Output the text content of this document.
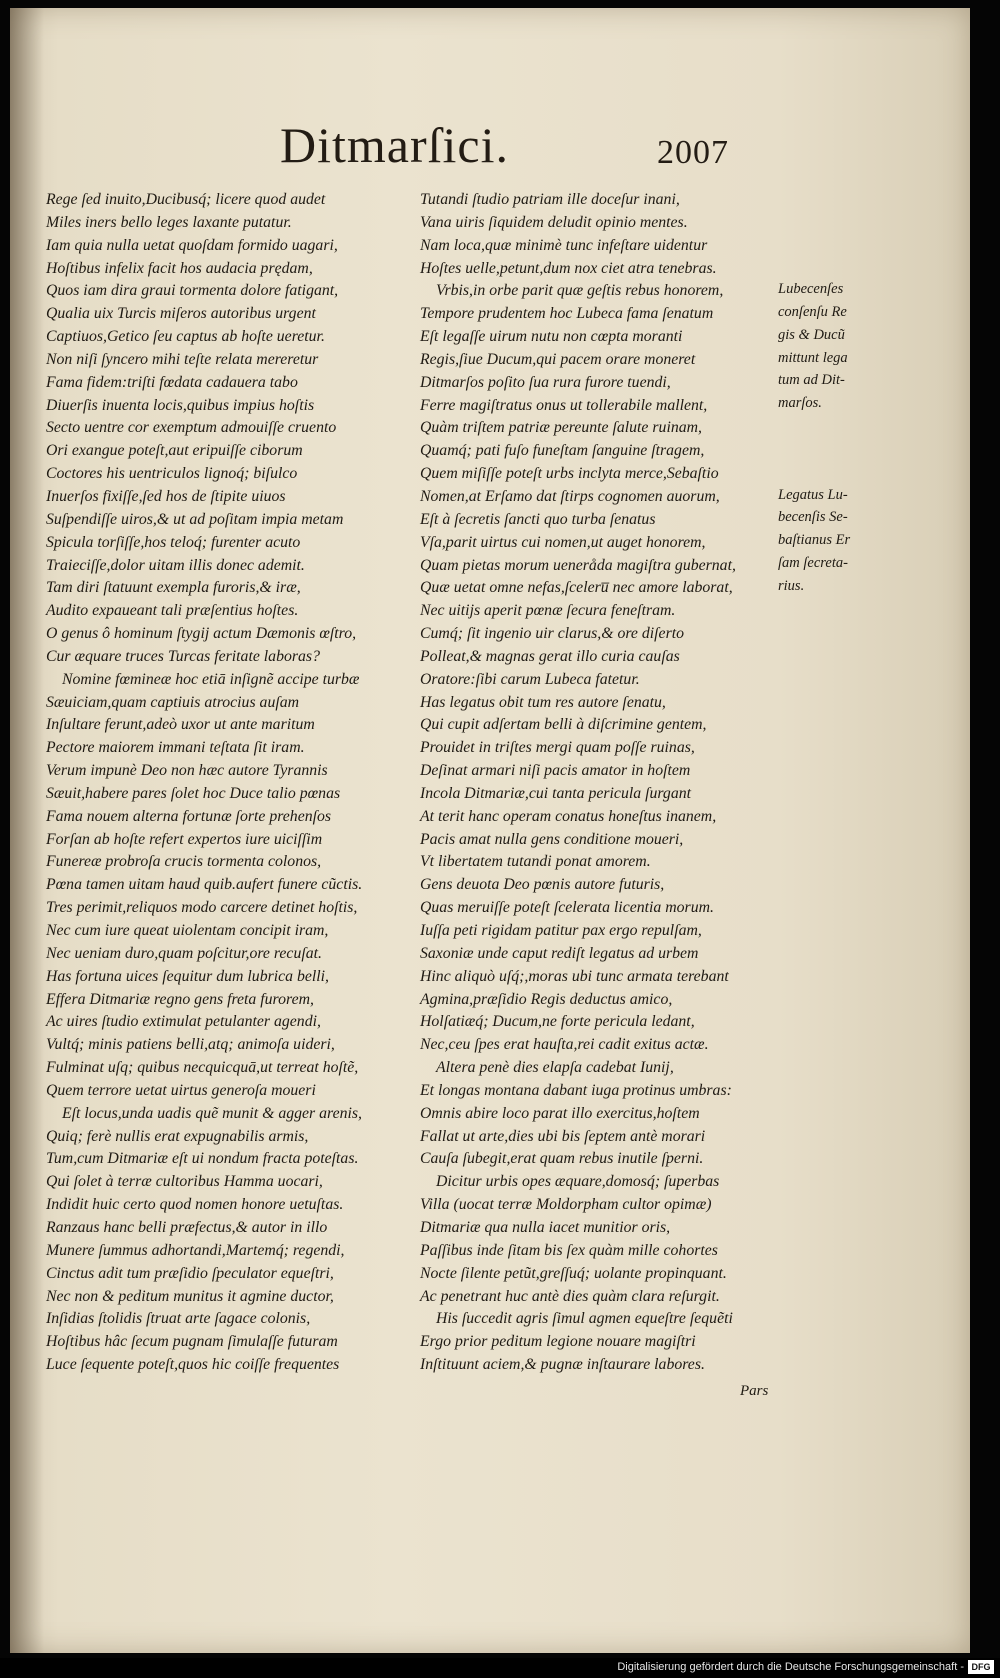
Ditmarſici.	2007
Rege ſed inuito,Ducibusq́; licere quod audet
Miles iners bello leges laxante putatur.
Iam quia nulla uetat quoſdam formido uagari,
Hoſtibus infelix facit hos audacia prędam,
Quos iam dira graui tormenta dolore fatigant,
Qualia uix Turcis miſeros autoribus urgent
Captiuos,Getico ſeu captus ab hoſte ueretur.
Non niſi ſyncero mihi teſte relata mereretur
Fama fidem:triſti fœdata cadauera tabo
Diuerſis inuenta locis,quibus impius hoſtis
Secto uentre cor exemptum admouiſſe cruento
Ori exangue poteſt,aut eripuiſſe ciborum
Coctores his uentriculos lignoq́; biſulco
Inuerſos fixiſſe,ſed hos de ſtipite uiuos
Suſpendiſſe uiros,& ut ad poſitam impia metam
Spicula torſiſſe,hos teloq́; furenter acuto
Traieciſſe,dolor uitam illis donec ademit.
Tam diri ſtatuunt exempla furoris,& iræ,
Audito expaueant tali præſentius hoſtes.
O genus ô hominum ſtygij actum Dæmonis œſtro,
Cur æquare truces Turcas feritate laboras?
Nomine fœmineæ hoc etiā inſignẽ accipe turbæ
Sæuiciam,quam captiuis atrocius auſam
Inſultare ferunt,adeò uxor ut ante maritum
Pectore maiorem immani teſtata ſit iram.
Verum impunè Deo non hæc autore Tyrannis
Sæuit,habere pares ſolet hoc Duce talio pœnas
Fama nouem alterna fortunæ ſorte prehenſos
Forſan ab hoſte refert expertos iure uiciſſim
Funereæ probroſa crucis tormenta colonos,
Pœna tamen uitam haud quib.aufert funere cũctis.
Tres perimit,reliquos modo carcere detinet hoſtis,
Nec cum iure queat uiolentam concipit iram,
Nec ueniam duro,quam poſcitur,ore recuſat.
Has fortuna uices ſequitur dum lubrica belli,
Effera Ditmariæ regno gens freta furorem,
Ac uires ſtudio extimulat petulanter agendi,
Vultq́; minis patiens belli,atq; animoſa uideri,
Fulminat uſq; quibus necquicquā,ut terreat hoſtẽ,
Quem terrore uetat uirtus generoſa moueri
Eſt locus,unda uadis quẽ munit & agger arenis,
Quiq; ferè nullis erat expugnabilis armis,
Tum,cum Ditmariæ eſt ui nondum fracta poteſtas.
Qui ſolet à terræ cultoribus Hamma uocari,
Indidit huic certo quod nomen honore uetuſtas.
Ranzaus hanc belli præfectus,& autor in illo
Munere ſummus adhortandi,Martemq́; regendi,
Cinctus adit tum præſidio ſpeculator equeſtri,
Nec non & peditum munitus it agmine ductor,
Inſidias ſtolidis ſtruat arte ſagace colonis,
Hoſtibus hâc ſecum pugnam ſimulaſſe futuram
Luce ſequente poteſt,quos hic coiſſe frequentes
Tutandi ſtudio patriam ille doceſur inani,
Vana uiris ſiquidem deludit opinio mentes.
Nam loca,quæ minimè tunc infeſtare uidentur
Hoſtes uelle,petunt,dum nox ciet atra tenebras.
Vrbis,in orbe parit quæ geſtis rebus honorem,
Tempore prudentem hoc Lubeca fama ſenatum
Eſt legaſſe uirum nutu non cœpta moranti
Regis,ſiue Ducum,qui pacem orare moneret
Ditmarſos poſito ſua rura furore tuendi,
Ferre magiſtratus onus ut tollerabile mallent,
Quàm triſtem patriæ pereunte ſalute ruinam,
Quamq́; pati fuſo funeſtam ſanguine ſtragem,
Quem miſiſſe poteſt urbs inclyta merce,Sebaſtio
Nomen,at Erſamo dat ſtirps cognomen auorum,
Eſt à ſecretis ſancti quo turba ſenatus
Vſa,parit uirtus cui nomen,ut auget honorem,
Quam pietas morum ueneråda magiſtra gubernat,
Quæ uetat omne nefas,ſceleru̅ nec amore laborat,
Nec uitijs aperit pœnæ ſecura feneſtram.
Cumq́; ſit ingenio uir clarus,& ore diſerto
Polleat,& magnas gerat illo curia cauſas
Oratore:ſibi carum Lubeca fatetur.
Has legatus obit tum res autore ſenatu,
Qui cupit adſertam belli à diſcrimine gentem,
Prouidet in triſtes mergi quam poſſe ruinas,
Deſinat armari niſi pacis amator in hoſtem
Incola Ditmariæ,cui tanta pericula ſurgant
At terit hanc operam conatus honeſtus inanem,
Pacis amat nulla gens conditione moueri,
Vt libertatem tutandi ponat amorem.
Gens deuota Deo pœnis autore futuris,
Quas meruiſſe poteſt ſcelerata licentia morum.
Iuſſa peti rigidam patitur pax ergo repulſam,
Saxoniæ unde caput rediſt legatus ad urbem
Hinc aliquò uſq́;,moras ubi tunc armata terebant
Agmina,præſidio Regis deductus amico,
Holſatiæq́; Ducum,ne forte pericula ledant,
Nec,ceu ſpes erat hauſta,rei cadit exitus actæ.
Altera penè dies elapſa cadebat Iunij,
Et longas montana dabant iuga protinus umbras:
Omnis abire loco parat illo exercitus,hoſtem
Fallat ut arte,dies ubi bis ſeptem antè morari
Cauſa ſubegit,erat quam rebus inutile ſperni.
Dicitur urbis opes æquare,domosq́; ſuperbas
Villa (uocat terræ Moldorpham cultor opimæ)
Ditmariæ qua nulla iacet munitior oris,
Paſſibus inde ſitam bis ſex quàm mille cohortes
Nocte ſilente petũt,greſſuq́; uolante propinquant.
Ac penetrant huc antè dies quàm clara reſurgit.
His ſuccedit agris ſimul agmen equeſtre ſequẽti
Ergo prior peditum legione nouare magiſtri
Inſtituunt aciem,& pugnæ inſtaurare labores.
Lubecenſes
conſenſu Re
gis & Ducũ
mittunt lega
tum ad Dit-
marſos.
Legatus Lu-
becenſis Se-
baſtianus Er
ſam ſecreta-
rius.
Pars
Digitalisierung gefördert durch die Deutsche Forschungsgemeinschaft - DFG
